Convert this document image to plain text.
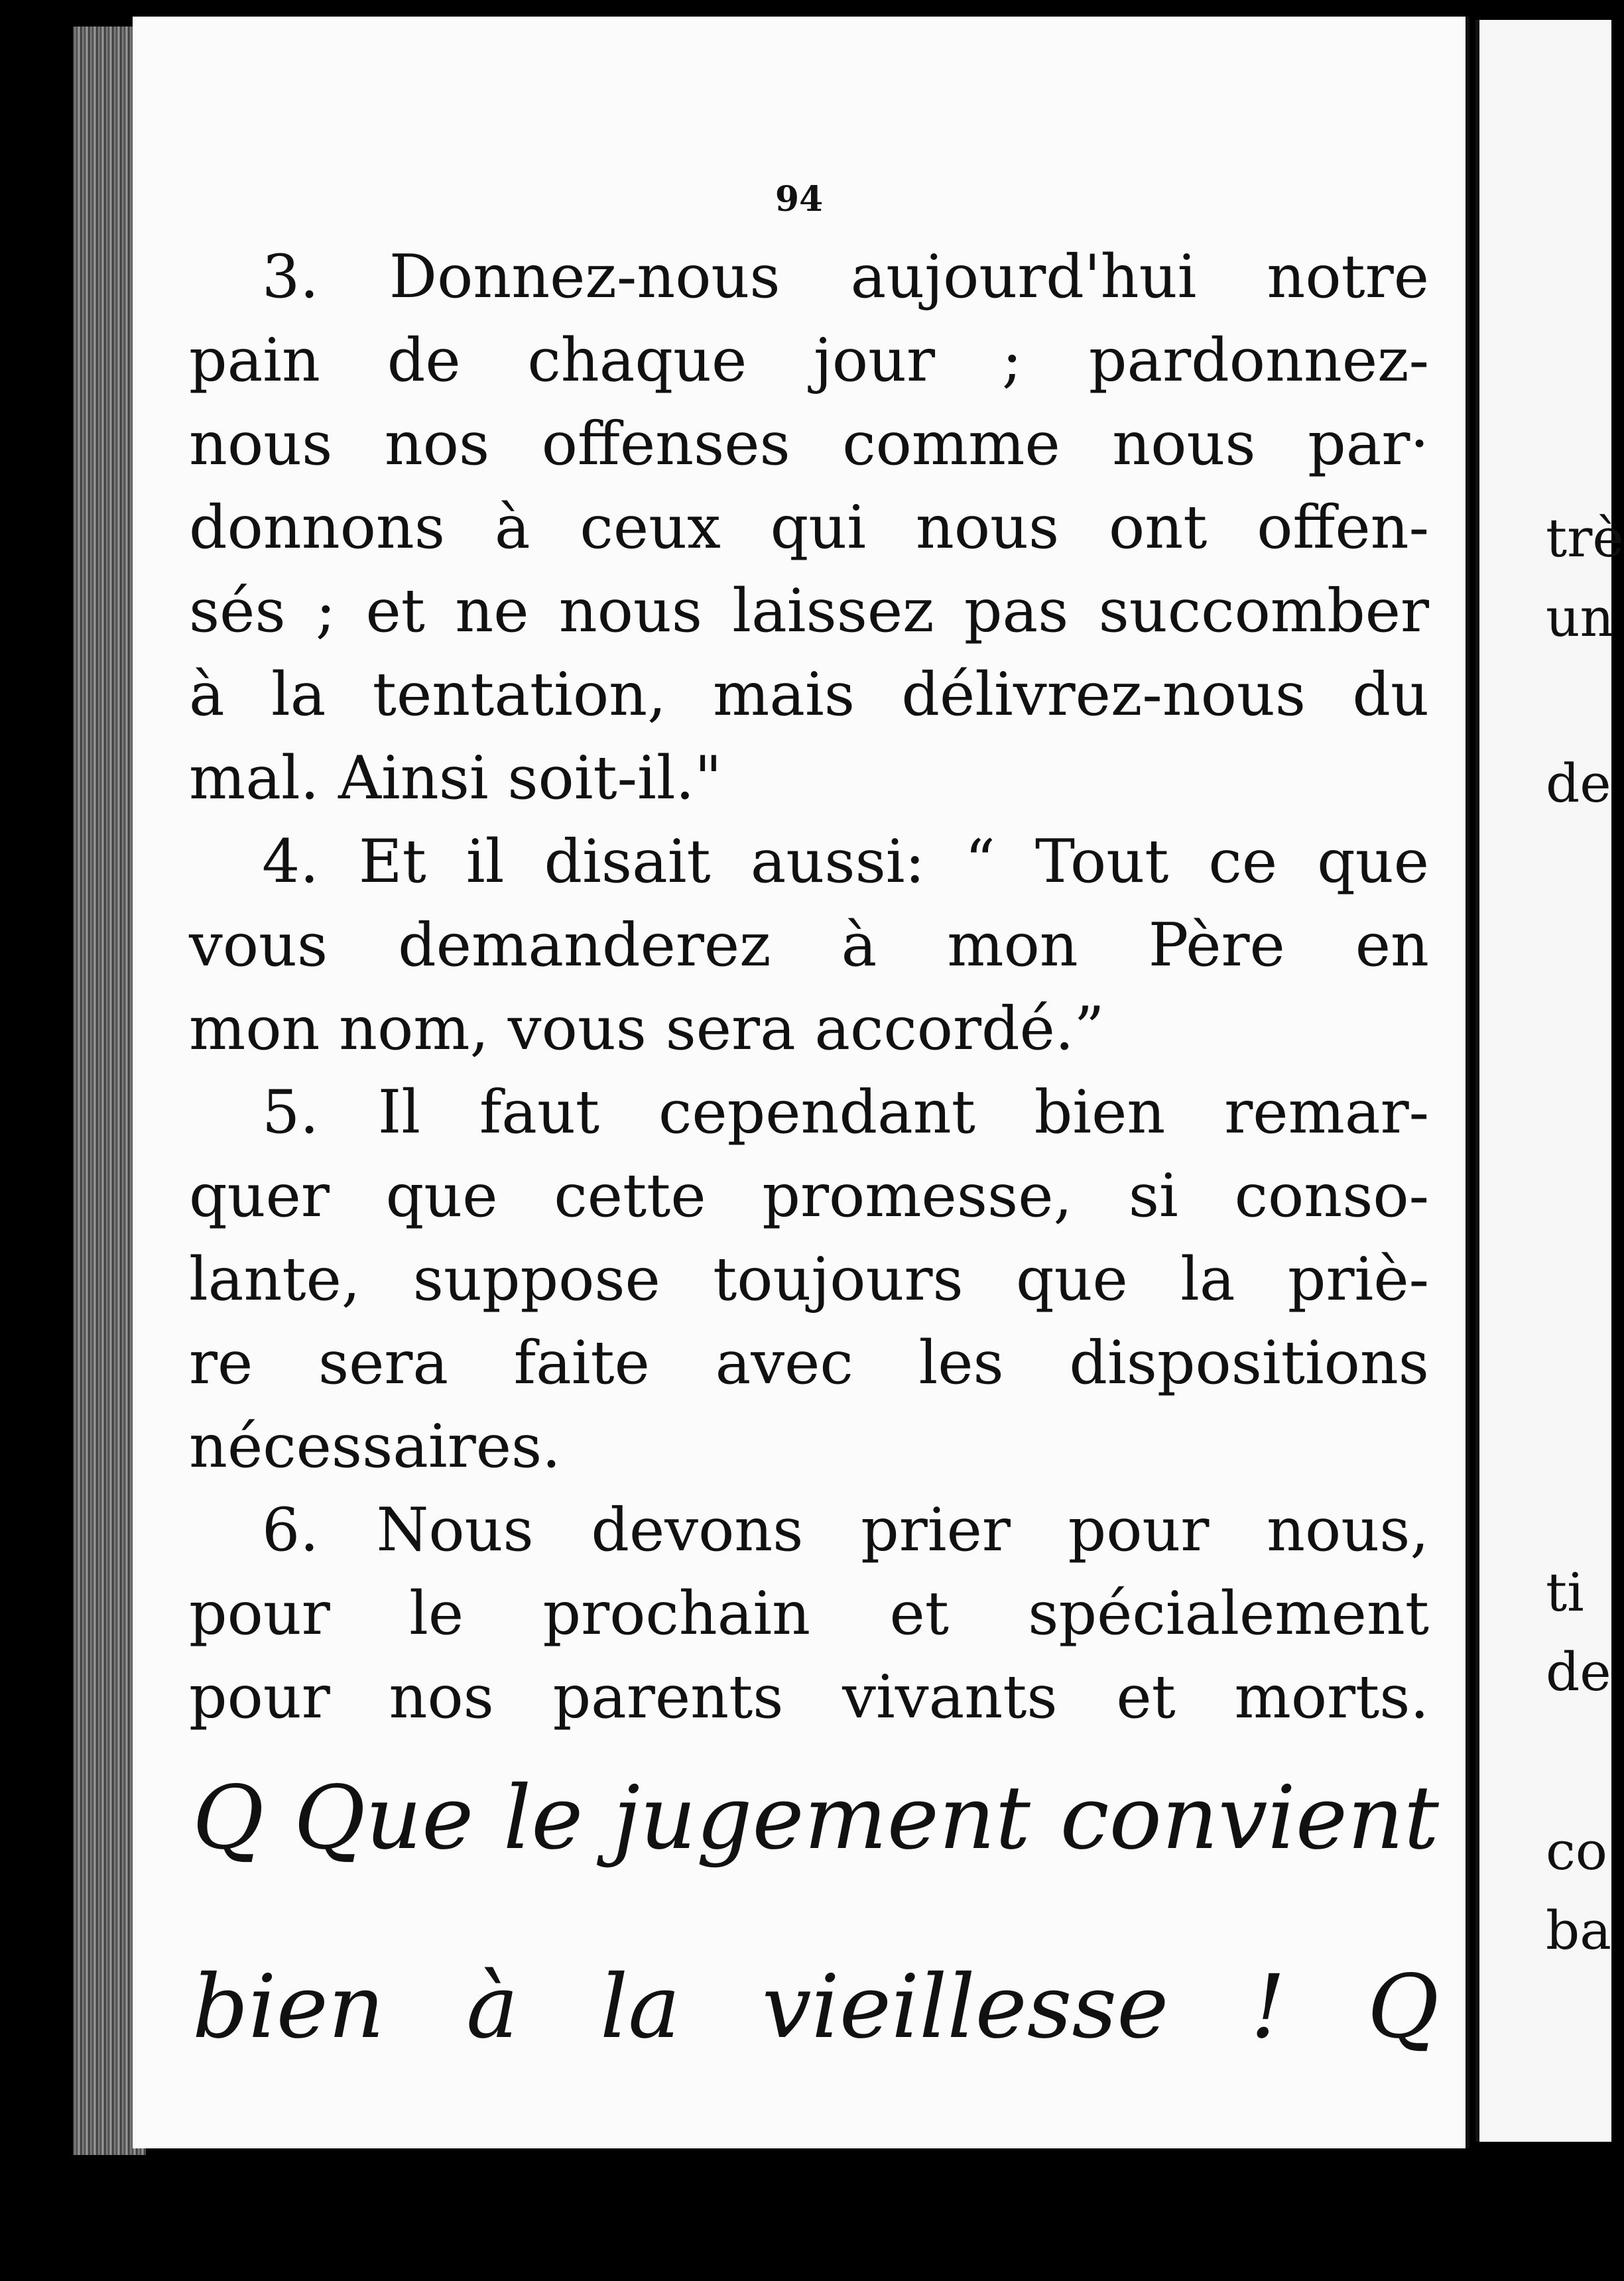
94
3. Donnez-nous aujourd'hui notre
pain de chaque jour ; pardonnez-
nous nos offenses comme nous par·
donnons à ceux qui nous ont offen-
sés ; et ne nous laissez pas succomber
à la tentation, mais délivrez-nous du
mal. Ainsi soit-il."
4. Et il disait aussi: “ Tout ce que
vous demanderez à mon Père en
mon nom, vous sera accordé.”
5. Il faut cependant bien remar-
quer que cette promesse, si conso-
lante, suppose toujours que la priè-
re sera faite avec les dispositions
nécessaires.
6. Nous devons prier pour nous,
pour le prochain et spécialement
pour nos parents vivants et morts.
Q Que le jugement convient
bien à la vieillesse ! Q
trè
un
de
ti
de
co
ba
